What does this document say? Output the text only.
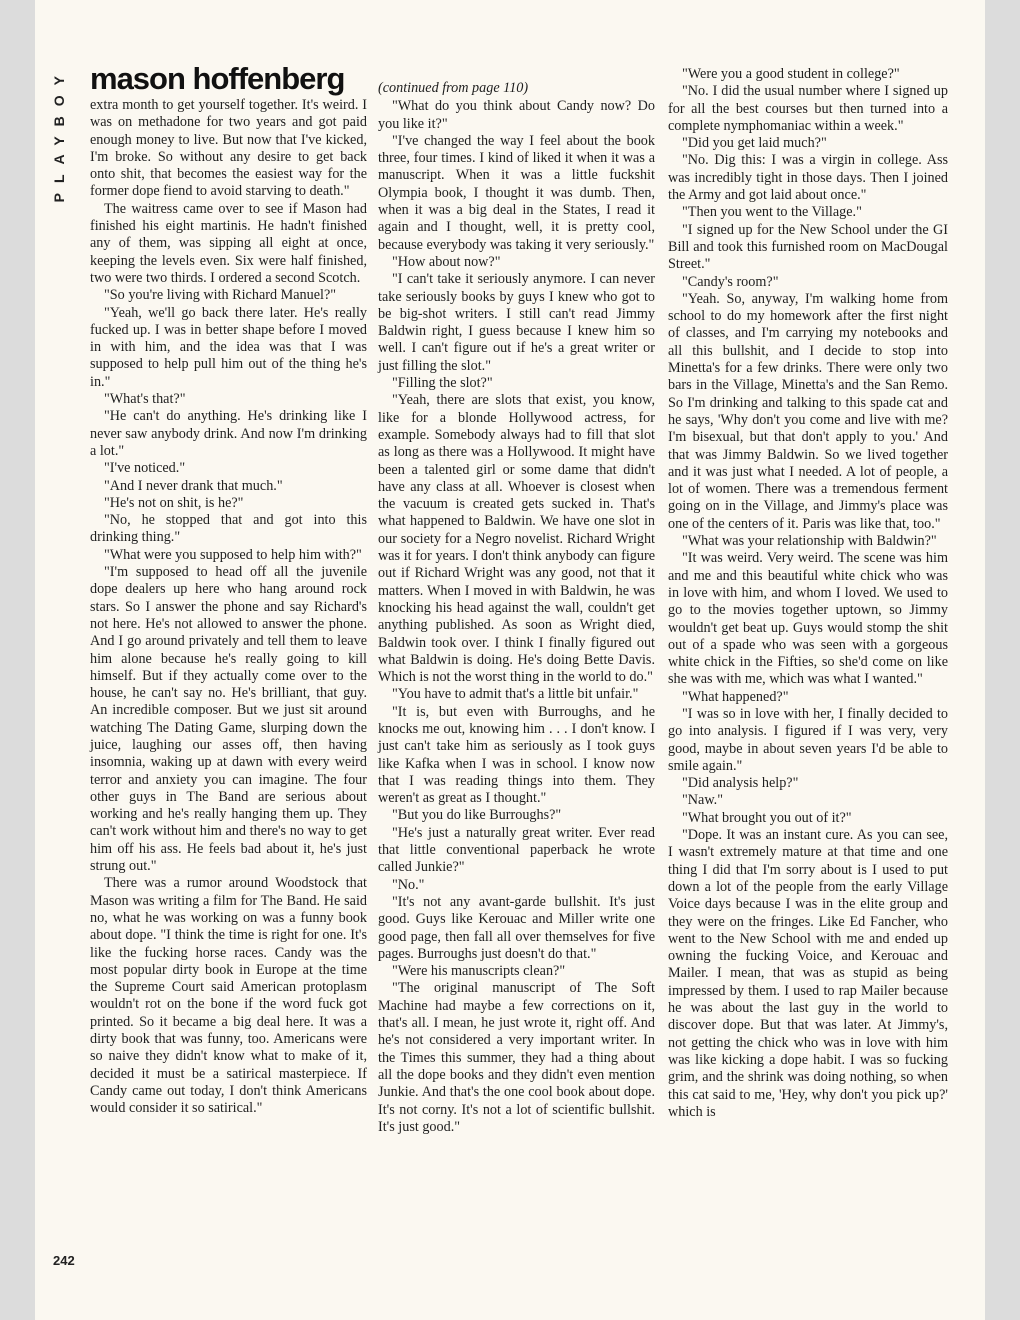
PLAYBOY mason hoffenberg

extra month to get yourself together. It's weird. I was on methadone for two years and got paid enough money to live. But now that I've kicked, I'm broke. So without any desire to get back onto shit, that becomes the easiest way for the former dope fiend to avoid starving to death."

The waitress came over to see if Mason had finished his eight martinis. He hadn't finished any of them, was sipping all eight at once, keeping the levels even. Six were half finished, two were two thirds. I ordered a second Scotch.

"So you're living with Richard Manuel?"

"Yeah, we'll go back there later. He's really fucked up. I was in better shape before I moved in with him, and the idea was that I was supposed to help pull him out of the thing he's in."

"What's that?"

"He can't do anything. He's drinking like I never saw anybody drink. And now I'm drinking a lot."

"I've noticed."

"And I never drank that much."

"He's not on shit, is he?"

"No, he stopped that and got into this drinking thing."

"What were you supposed to help him with?"

"I'm supposed to head off all the juvenile dope dealers up here who hang around rock stars. So I answer the phone and say Richard's not here. He's not allowed to answer the phone. And I go around privately and tell them to leave him alone because he's really going to kill himself. But if they actually come over to the house, he can't say no. He's brilliant, that guy. An incredible composer. But we just sit around watching The Dating Game, slurping down the juice, laughing our asses off, then having insomnia, waking up at dawn with every weird terror and anxiety you can imagine. The four other guys in The Band are serious about working and he's really hanging them up. They can't work without him and there's no way to get him off his ass. He feels bad about it, he's just strung out."

There was a rumor around Woodstock that Mason was writing a film for The Band. He said no, what he was working on was a funny book about dope. "I think the time is right for one. It's like the fucking horse races. Candy was the most popular dirty book in Europe at the time the Supreme Court said American protoplasm wouldn't rot on the bone if the word fuck got printed. So it became a big deal here. It was a dirty book that was funny, too. Americans were so naive they didn't know what to make of it, decided it must be a satirical masterpiece. If Candy came out today, I don't think Americans would consider it so satirical."

(continued from page 110)

"What do you think about Candy now? Do you like it?"

"I've changed the way I feel about the book three, four times. I kind of liked it when it was a manuscript. When it was a little fuckshit Olympia book, I thought it was dumb. Then, when it was a big deal in the States, I read it again and I thought, well, it is pretty cool, because everybody was taking it very seriously."

"How about now?"

"I can't take it seriously anymore. I can never take seriously books by guys I knew who got to be big-shot writers. I still can't read Jimmy Baldwin right, I guess because I knew him so well. I can't figure out if he's a great writer or just filling the slot."

"Filling the slot?"

"Yeah, there are slots that exist, you know, like for a blonde Hollywood actress, for example. Somebody always had to fill that slot as long as there was a Hollywood. It might have been a talented girl or some dame that didn't have any class at all. Whoever is closest when the vacuum is created gets sucked in. That's what happened to Baldwin. We have one slot in our society for a Negro novelist. Richard Wright was it for years. I don't think anybody can figure out if Richard Wright was any good, not that it matters. When I moved in with Baldwin, he was knocking his head against the wall, couldn't get anything published. As soon as Wright died, Baldwin took over. I think I finally figured out what Baldwin is doing. He's doing Bette Davis. Which is not the worst thing in the world to do."

"You have to admit that's a little bit unfair."

"It is, but even with Burroughs, and he knocks me out, knowing him . . . I don't know. I just can't take him as seriously as I took guys like Kafka when I was in school. I know now that I was reading things into them. They weren't as great as I thought."

"But you do like Burroughs?"

"He's just a naturally great writer. Ever read that little conventional paperback he wrote called Junkie?"

"No."

"It's not any avant-garde bullshit. It's just good. Guys like Kerouac and Miller write one good page, then fall all over themselves for five pages. Burroughs just doesn't do that."

"Were his manuscripts clean?"

"The original manuscript of The Soft Machine had maybe a few corrections on it, that's all. I mean, he just wrote it, right off. And he's not considered a very important writer. In the Times this summer, they had a thing about all the dope books and they didn't even mention Junkie. And that's the one cool book about dope. It's not corny. It's not a lot of scientific bullshit. It's just good."

"Were you a good student in college?"

"No. I did the usual number where I signed up for all the best courses but then turned into a complete nymphomaniac within a week."

"Did you get laid much?"

"No. Dig this: I was a virgin in college. Ass was incredibly tight in those days. Then I joined the Army and got laid about once."

"Then you went to the Village."

"I signed up for the New School under the GI Bill and took this furnished room on MacDougal Street."

"Candy's room?"

"Yeah. So, anyway, I'm walking home from school to do my homework after the first night of classes, and I'm carrying my notebooks and all this bullshit, and I decide to stop into Minetta's for a few drinks. There were only two bars in the Village, Minetta's and the San Remo. So I'm drinking and talking to this spade cat and he says, 'Why don't you come and live with me? I'm bisexual, but that don't apply to you.' And that was Jimmy Baldwin. So we lived together and it was just what I needed. A lot of people, a lot of women. There was a tremendous ferment going on in the Village, and Jimmy's place was one of the centers of it. Paris was like that, too."

"What was your relationship with Baldwin?"

"It was weird. Very weird. The scene was him and me and this beautiful white chick who was in love with him, and whom I loved. We used to go to the movies together uptown, so Jimmy wouldn't get beat up. Guys would stomp the shit out of a spade who was seen with a gorgeous white chick in the Fifties, so she'd come on like she was with me, which was what I wanted."

"What happened?"

"I was so in love with her, I finally decided to go into analysis. I figured if I was very, very good, maybe in about seven years I'd be able to smile again."

"Did analysis help?"

"Naw."

"What brought you out of it?"

"Dope. It was an instant cure. As you can see, I wasn't extremely mature at that time and one thing I did that I'm sorry about is I used to put down a lot of the people from the early Village Voice days because I was in the elite group and they were on the fringes. Like Ed Fancher, who went to the New School with me and ended up owning the fucking Voice, and Kerouac and Mailer. I mean, that was as stupid as being impressed by them. I used to rap Mailer because he was about the last guy in the world to discover dope. But that was later. At Jimmy's, not getting the chick who was in love with him was like kicking a dope habit. I was so fucking grim, and the shrink was doing nothing, so when this cat said to me, 'Hey, why don't you pick up?' which is

242
